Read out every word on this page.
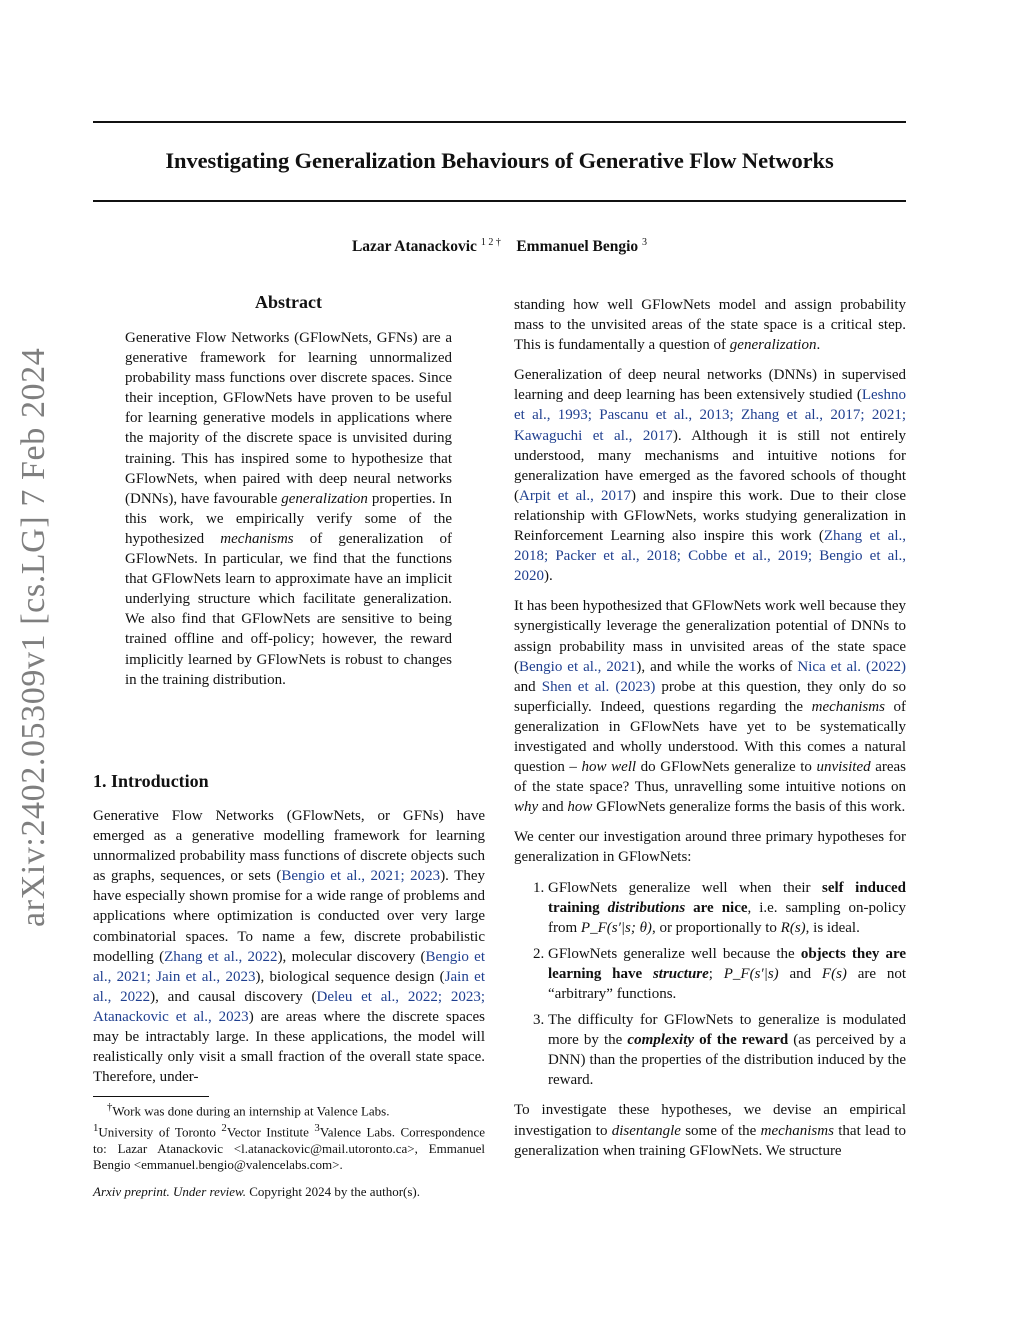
Investigating Generalization Behaviours of Generative Flow Networks
Lazar Atanackovic $^{1 2 \dagger}$ Emmanuel Bengio $^3$
arXiv:2402.05309v1 [cs.LG] 7 Feb 2024
Abstract

Generative Flow Networks (GFlowNets, GFNs) are a generative framework for learning unnormalized probability mass functions over discrete spaces. Since their inception, GFlowNets have proven to be useful for learning generative models in applications where the majority of the discrete space is unvisited during training. This has inspired some to hypothesize that GFlowNets, when paired with deep neural networks (DNNs), have favourable generalization properties. In this work, we empirically verify some of the hypothesized mechanisms of generalization of GFlowNets. In particular, we find that the functions that GFlowNets learn to approximate have an implicit underlying structure which facilitate generalization. We also find that GFlowNets are sensitive to being trained offline and off-policy; however, the reward implicitly learned by GFlowNets is robust to changes in the training distribution.

1. Introduction

Generative Flow Networks (GFlowNets, or GFNs) have emerged as a generative modelling framework for learning unnormalized probability mass functions of discrete objects such as graphs, sequences, or sets (Bengio et al., 2021; 2023). They have especially shown promise for a wide range of problems and applications where optimization is conducted over very large combinatorial spaces. To name a few, discrete probabilistic modelling (Zhang et al., 2022), molecular discovery (Bengio et al., 2021; Jain et al., 2023), biological sequence design (Jain et al., 2022), and causal discovery (Deleu et al., 2022; 2023; Atanackovic et al., 2023) are areas where the discrete spaces may be intractably large. In these applications, the model will realistically only visit a small fraction of the overall state space. Therefore, under-

†Work was done during an internship at Valence Labs.
$^1$University of Toronto $^2$Vector Institute $^3$Valence Labs. Correspondence to: Lazar Atanackovic <l.atanackovic@mail.utoronto.ca>, Emmanuel Bengio <emmanuel.bengio@valencelabs.com>.
Arxiv preprint. Under review. Copyright 2024 by the author(s).

standing how well GFlowNets model and assign probability mass to the unvisited areas of the state space is a critical step. This is fundamentally a question of generalization.

Generalization of deep neural networks (DNNs) in supervised learning and deep learning has been extensively studied (Leshno et al., 1993; Pascanu et al., 2013; Zhang et al., 2017; 2021; Kawaguchi et al., 2017). Although it is still not entirely understood, many mechanisms and intuitive notions for generalization have emerged as the favored schools of thought (Arpit et al., 2017) and inspire this work. Due to their close relationship with GFlowNets, works studying generalization in Reinforcement Learning also inspire this work (Zhang et al., 2018; Packer et al., 2018; Cobbe et al., 2019; Bengio et al., 2020).

It has been hypothesized that GFlowNets work well because they synergistically leverage the generalization potential of DNNs to assign probability mass in unvisited areas of the state space (Bengio et al., 2021), and while the works of Nica et al. (2022) and Shen et al. (2023) probe at this question, they only do so superficially. Indeed, questions regarding the mechanisms of generalization in GFlowNets have yet to be systematically investigated and wholly understood. With this comes a natural question – how well do GFlowNets generalize to unvisited areas of the state space? Thus, unravelling some intuitive notions on why and how GFlowNets generalize forms the basis of this work.

We center our investigation around three primary hypotheses for generalization in GFlowNets:

1. GFlowNets generalize well when their self induced training distributions are nice, i.e. sampling on-policy from P_F(s′|s; θ), or proportionally to R(s), is ideal.
2. GFlowNets generalize well because the objects they are learning have structure; P_F(s′|s) and F(s) are not “arbitrary” functions.
3. The difficulty for GFlowNets to generalize is modulated more by the complexity of the reward (as perceived by a DNN) than the properties of the distribution induced by the reward.

To investigate these hypotheses, we devise an empirical investigation to disentangle some of the mechanisms that lead to generalization when training GFlowNets. We structure
